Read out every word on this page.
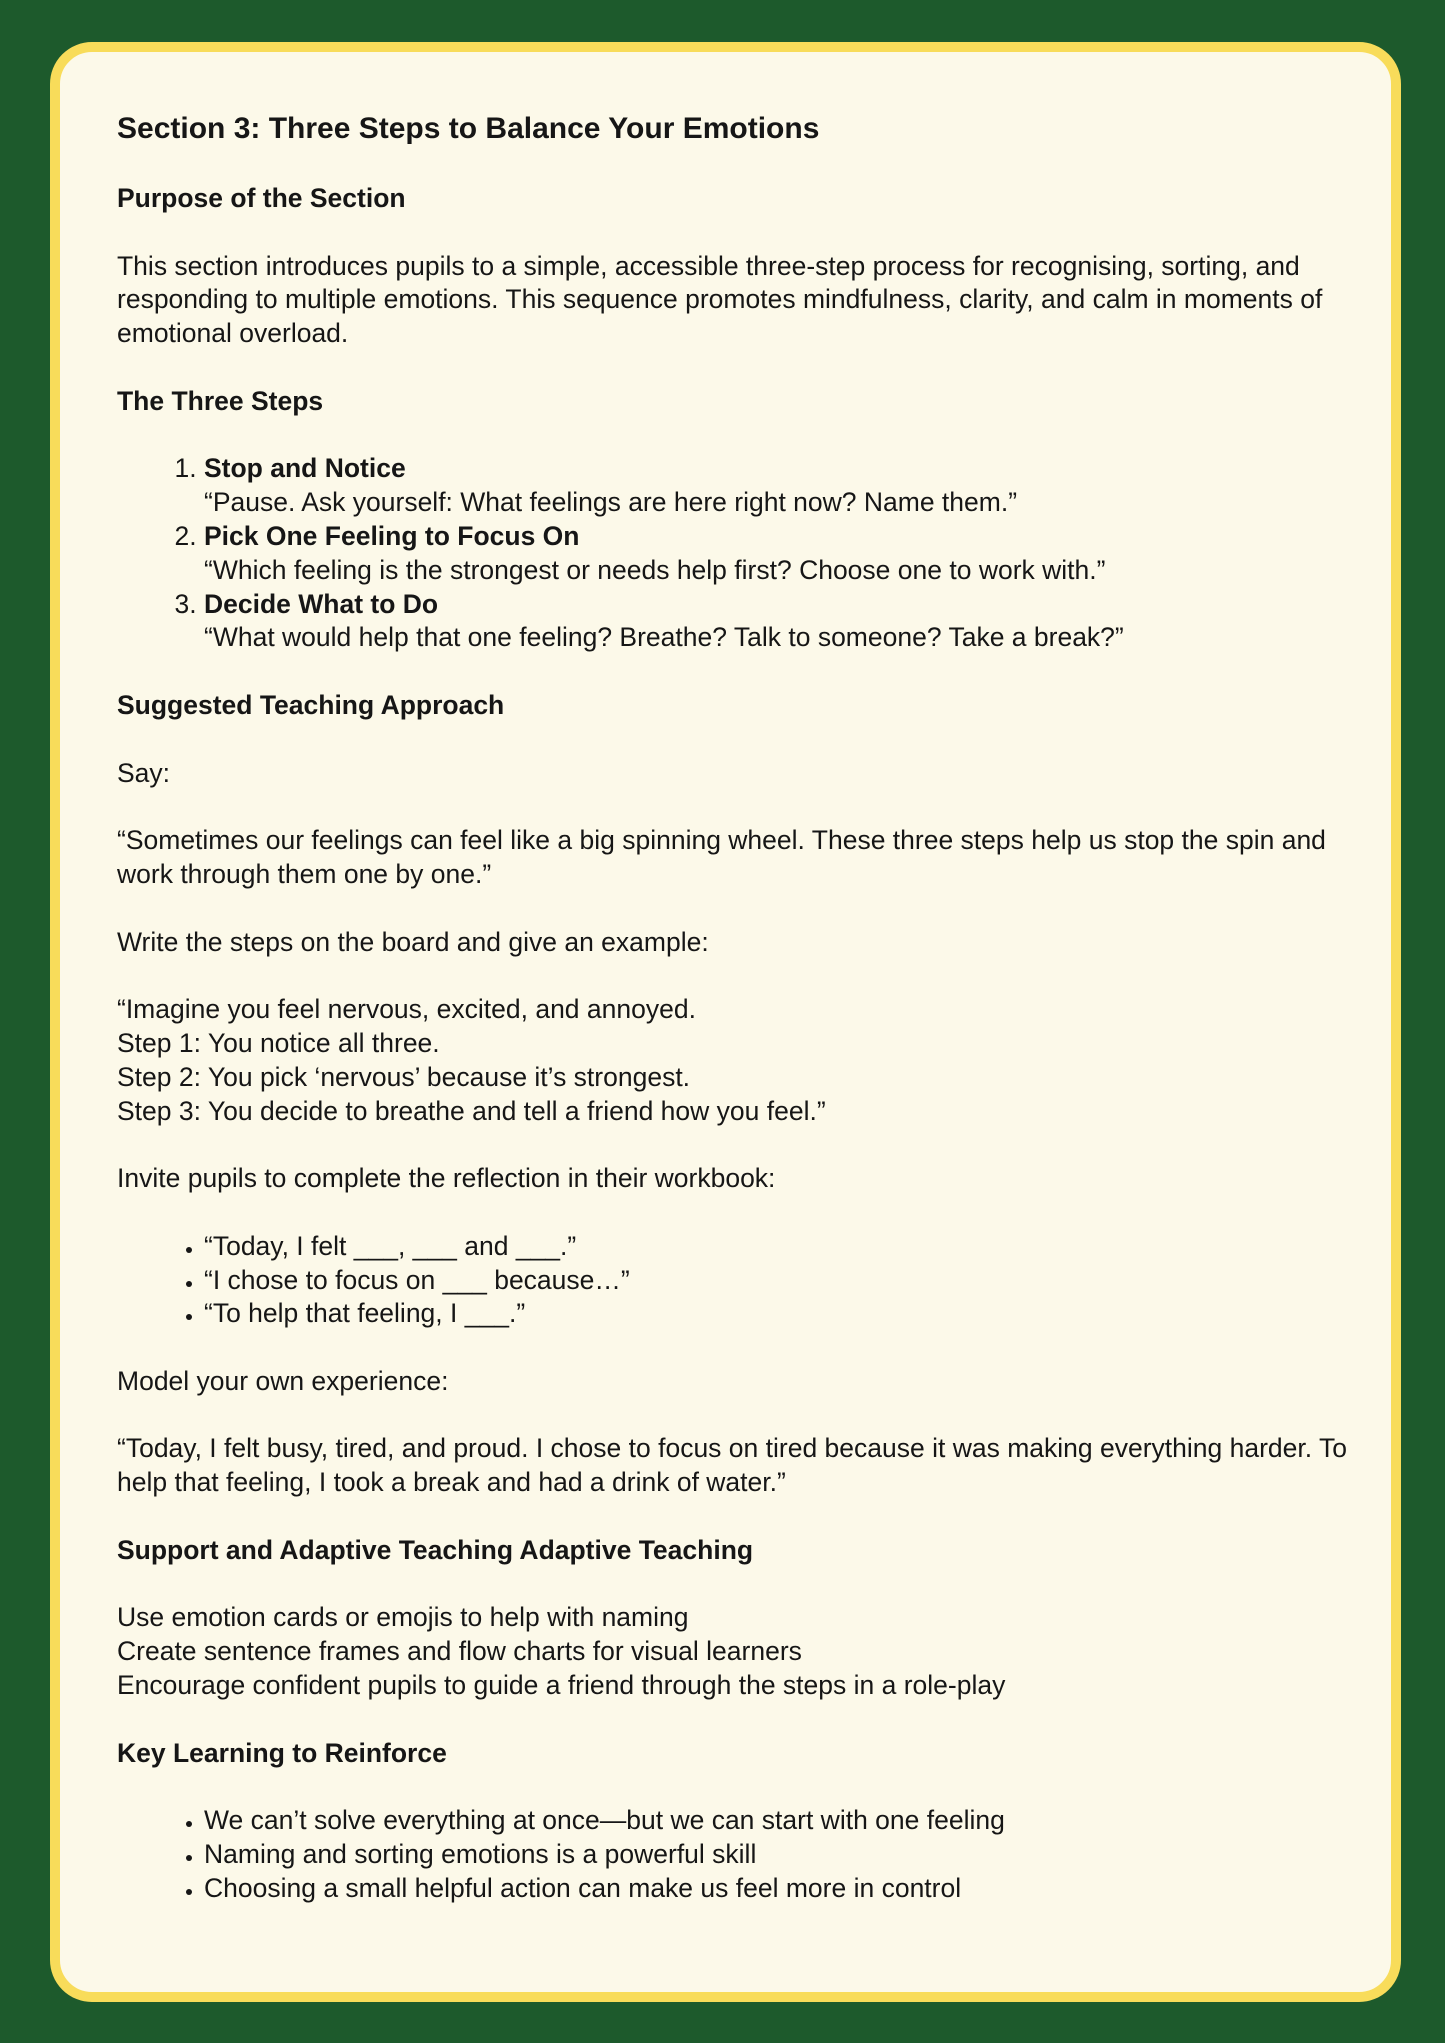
Section 3: Three Steps to Balance Your Emotions
Purpose of the Section

This section introduces pupils to a simple, accessible three-step process for recognising, sorting, and responding to multiple emotions. This sequence promotes mindfulness, clarity, and calm in moments of emotional overload.

The Three Steps
1. Stop and Notice
“Pause. Ask yourself: What feelings are here right now? Name them.”
2. Pick One Feeling to Focus On
“Which feeling is the strongest or needs help first? Choose one to work with.”
3. Decide What to Do
“What would help that one feeling? Breathe? Talk to someone? Take a break?”
Suggested Teaching Approach

Say:

“Sometimes our feelings can feel like a big spinning wheel. These three steps help us stop the spin and work through them one by one.”

Write the steps on the board and give an example:

“Imagine you feel nervous, excited, and annoyed.
Step 1: You notice all three.
Step 2: You pick ‘nervous’ because it’s strongest.
Step 3: You decide to breathe and tell a friend how you feel.”

Invite pupils to complete the reflection in their workbook:

• “Today, I felt ___, ___ and ___.”
• “I chose to focus on ___ because…”
• “To help that feeling, I ___.”

Model your own experience:

“Today, I felt busy, tired, and proud. I chose to focus on tired because it was making everything harder. To help that feeling, I took a break and had a drink of water.”

Support and Adaptive Teaching Adaptive Teaching
Use emotion cards or emojis to help with naming
Create sentence frames and flow charts for visual learners
Encourage confident pupils to guide a friend through the steps in a role-play
Key Learning to Reinforce
• We can’t solve everything at once—but we can start with one feeling
• Naming and sorting emotions is a powerful skill
• Choosing a small helpful action can make us feel more in control
